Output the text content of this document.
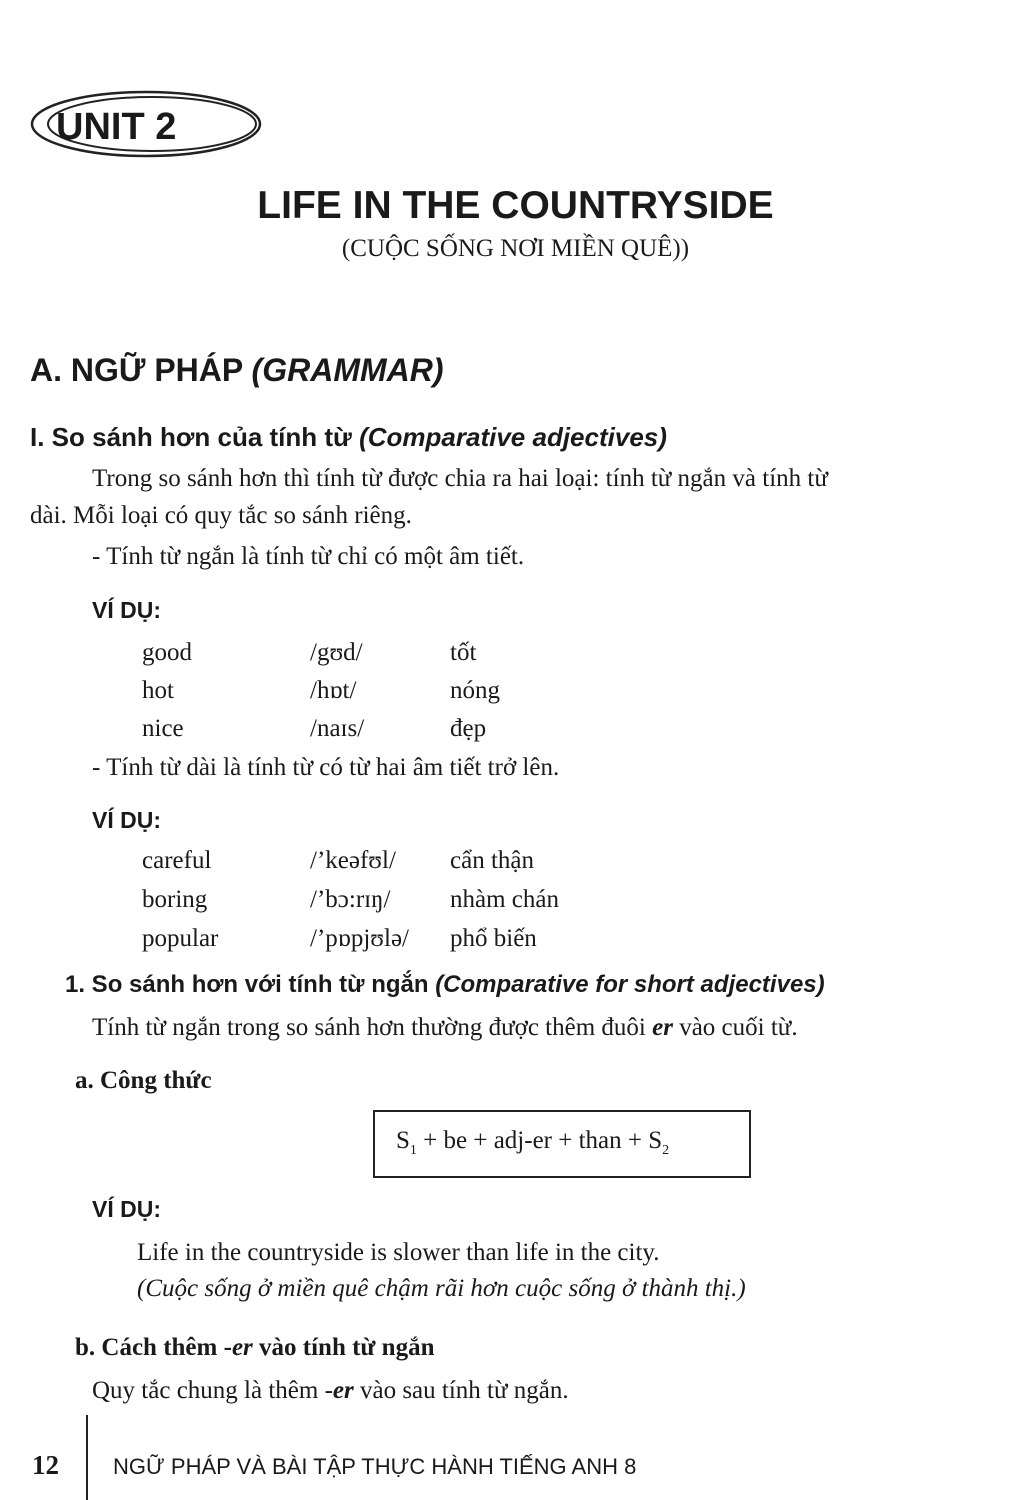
UNIT 2
LIFE IN THE COUNTRYSIDE
(CUỘC SỐNG NƠI MIỀN QUÊ))
A. NGỮ PHÁP (GRAMMAR)
I. So sánh hơn của tính từ (Comparative adjectives)
Trong so sánh hơn thì tính từ được chia ra hai loại: tính từ ngắn và tính từ
dài. Mỗi loại có quy tắc so sánh riêng.
- Tính từ ngắn là tính từ chỉ có một âm tiết.
VÍ DỤ:
good	/gʊd/	tốt
hot	/hɒt/	nóng
nice	/naɪs/	đẹp
- Tính từ dài là tính từ có từ hai âm tiết trở lên.
VÍ DỤ:
careful	/’keəfʊl/ cẩn thận
boring	/’bɔ:rɪŋ/ nhàm chán
popular	/’pɒpjʊlə/ phổ biến
1. So sánh hơn với tính từ ngắn (Comparative for short adjectives)
Tính từ ngắn trong so sánh hơn thường được thêm đuôi er vào cuối từ.
a. Công thức
$S_1$ + be + adj-er + than + $S_2$
VÍ DỤ:
Life in the countryside is slower than life in the city.
(Cuộc sống ở miền quê chậm rãi hơn cuộc sống ở thành thị.)
b. Cách thêm -er vào tính từ ngắn
Quy tắc chung là thêm -er vào sau tính từ ngắn.
12 NGỮ PHÁP VÀ BÀI TẬP THỰC HÀNH TIẾNG ANH 8
